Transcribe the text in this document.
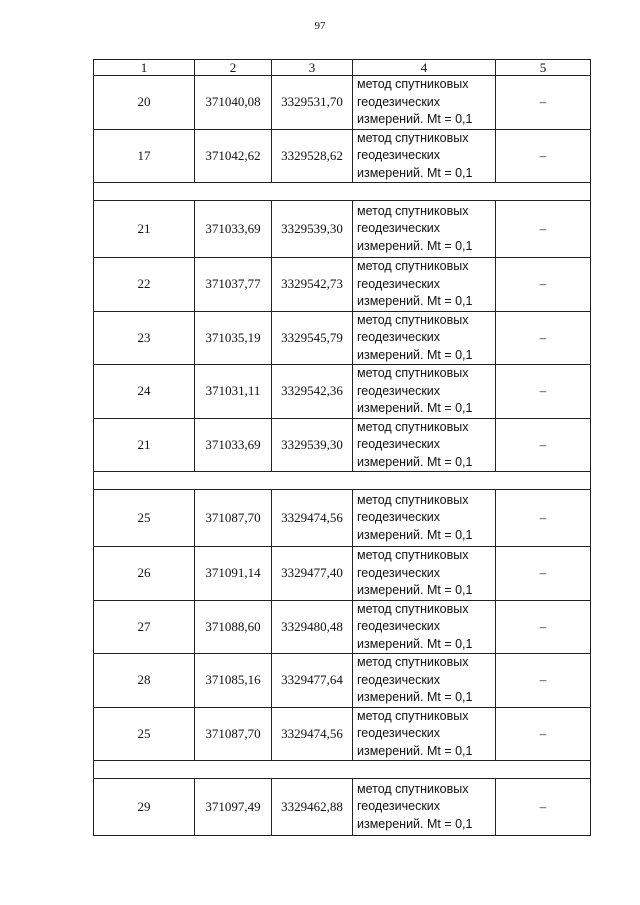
97
1	2	3	4	5
20	371040,08	3329531,70	метод спутниковых
геодезических
измерений. Mt = 0,1	–
17	371042,62	3329528,62	метод спутниковых
геодезических
измерений. Mt = 0,1	–

21	371033,69	3329539,30	метод спутниковых
геодезических
измерений. Mt = 0,1	–
22	371037,77	3329542,73	метод спутниковых
геодезических
измерений. Mt = 0,1	–
23	371035,19	3329545,79	метод спутниковых
геодезических
измерений. Mt = 0,1	–
24	371031,11	3329542,36	метод спутниковых
геодезических
измерений. Mt = 0,1	–
21	371033,69	3329539,30	метод спутниковых
геодезических
измерений. Mt = 0,1	–

25	371087,70	3329474,56	метод спутниковых
геодезических
измерений. Mt = 0,1	–
26	371091,14	3329477,40	метод спутниковых
геодезических
измерений. Mt = 0,1	–
27	371088,60	3329480,48	метод спутниковых
геодезических
измерений. Mt = 0,1	–
28	371085,16	3329477,64	метод спутниковых
геодезических
измерений. Mt = 0,1	–
25	371087,70	3329474,56	метод спутниковых
геодезических
измерений. Mt = 0,1	–

29	371097,49	3329462,88	метод спутниковых
геодезических
измерений. Mt = 0,1	–
